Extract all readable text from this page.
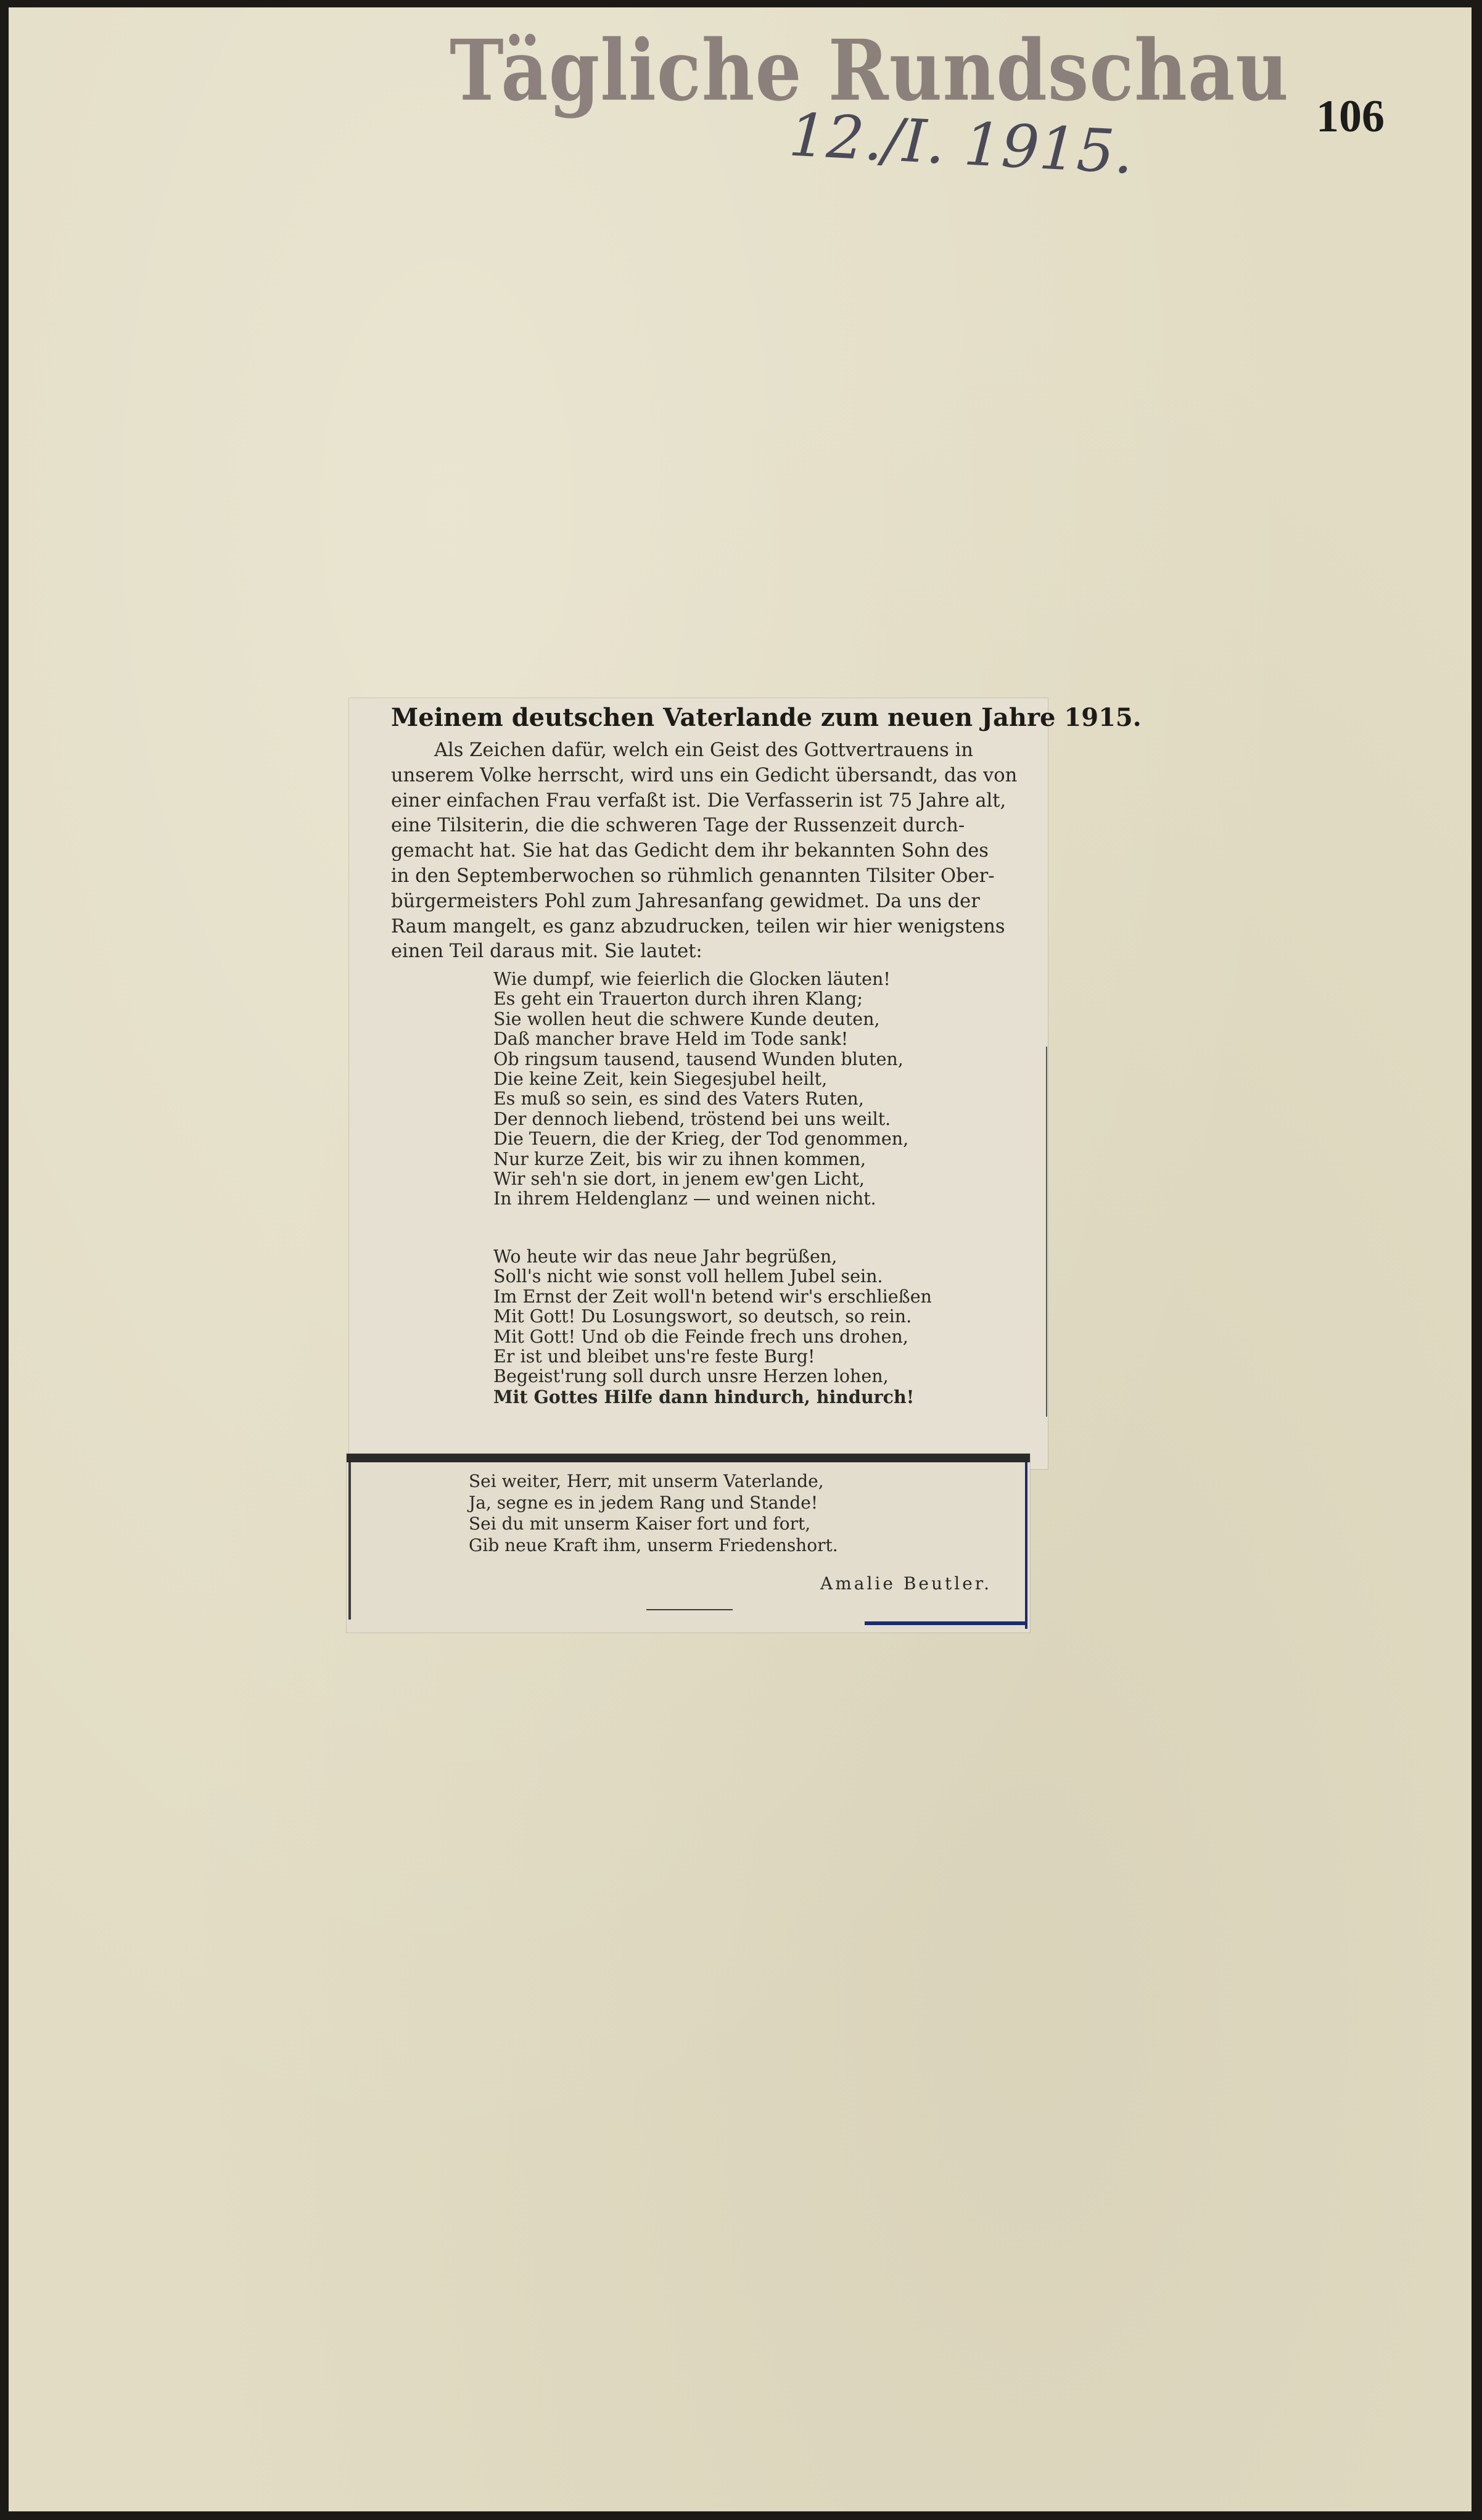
Tägliche Rundschau
12./I. 1915.	106
Meinem deutschen Vaterlande zum neuen Jahre 1915.
Als Zeichen dafür, welch ein Geist des Gottvertrauens in
unserem Volke herrscht, wird uns ein Gedicht übersandt, das von
einer einfachen Frau verfaßt ist. Die Verfasserin ist 75 Jahre alt,
eine Tilsiterin, die die schweren Tage der Russenzeit durch-
gemacht hat. Sie hat das Gedicht dem ihr bekannten Sohn des
in den Septemberwochen so rühmlich genannten Tilsiter Ober-
bürgermeisters Pohl zum Jahresanfang gewidmet. Da uns der
Raum mangelt, es ganz abzudrucken, teilen wir hier wenigstens
einen Teil daraus mit. Sie lautet:
Wie dumpf, wie feierlich die Glocken läuten!
Es geht ein Trauerton durch ihren Klang;
Sie wollen heut die schwere Kunde deuten,
Daß mancher brave Held im Tode sank!
Ob ringsum tausend, tausend Wunden bluten,
Die keine Zeit, kein Siegesjubel heilt,
Es muß so sein, es sind des Vaters Ruten,
Der dennoch liebend, tröstend bei uns weilt.
Die Teuern, die der Krieg, der Tod genommen,
Nur kurze Zeit, bis wir zu ihnen kommen,
Wir seh'n sie dort, in jenem ew'gen Licht,
In ihrem Heldenglanz — und weinen nicht.
Wo heute wir das neue Jahr begrüßen,
Soll's nicht wie sonst voll hellem Jubel sein.
Im Ernst der Zeit woll'n betend wir's erschließen
Mit Gott! Du Losungswort, so deutsch, so rein.
Mit Gott! Und ob die Feinde frech uns drohen,
Er ist und bleibet uns're feste Burg!
Begeist'rung soll durch unsre Herzen lohen,
Mit Gottes Hilfe dann hindurch, hindurch!
Sei weiter, Herr, mit unserm Vaterlande,
Ja, segne es in jedem Rang und Stande!
Sei du mit unserm Kaiser fort und fort,
Gib neue Kraft ihm, unserm Friedenshort.
Amalie Beutler.
